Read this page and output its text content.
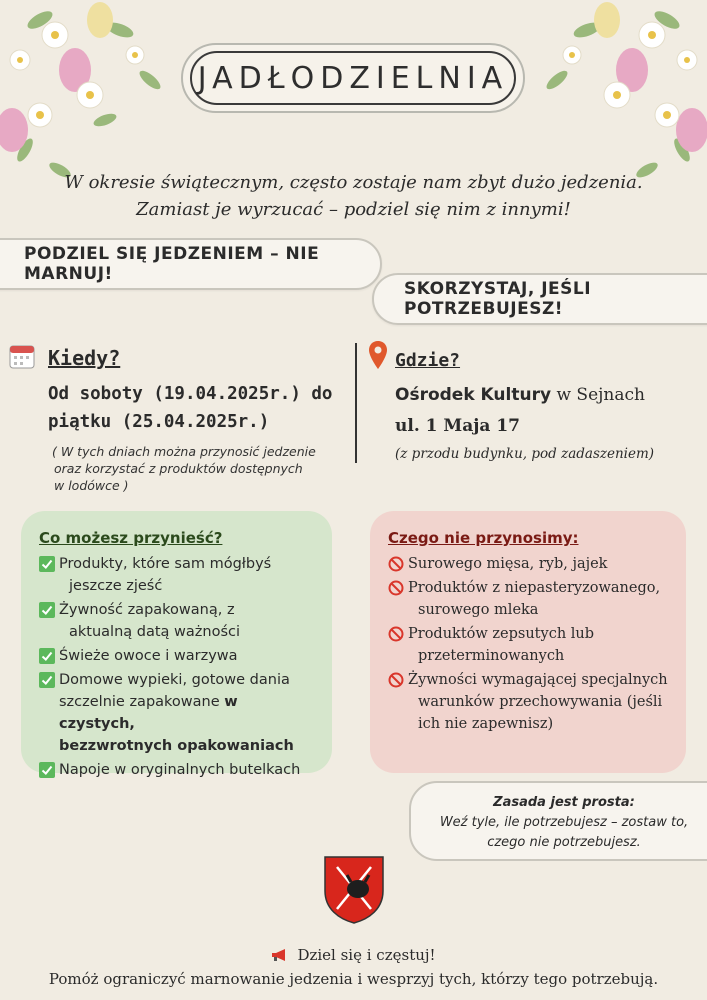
JADŁODZIELNIA
W okresie świątecznym, często zostaje nam zbyt dużo jedzenia.
Zamiast je wyrzucać – podziel się nim z innymi!
PODZIEL SIĘ JEDZENIEM – NIE MARNUJ!
SKORZYSTAJ, JEŚLI POTRZEBUJESZ!
Kiedy?
Od soboty (19.04.2025r.) do
piątku (25.04.2025r.)
( W tych dniach można przynosić jedzenie
oraz korzystać z produktów dostępnych
w lodówce )
Gdzie?
Ośrodek Kultury w Sejnach
ul. 1 Maja 17
(z przodu budynku, pod zadaszeniem)
Co możesz przynieść?
Produkty, które sam mógłbyś
jeszcze zjeść
Żywność zapakowaną, z
aktualną datą ważności
Świeże owoce i warzywa
Domowe wypieki, gotowe dania
szczelnie zapakowane w czystych,
bezzwrotnych opakowaniach
Napoje w oryginalnych butelkach
Czego nie przynosimy:
Surowego mięsa, ryb, jajek
Produktów z niepasteryzowanego,
surowego mleka
Produktów zepsutych lub
przeterminowanych
Żywności wymagającej specjalnych
warunków przechowywania (jeśli
ich nie zapewnisz)
Zasada jest prosta:
Weź tyle, ile potrzebujesz – zostaw to,
czego nie potrzebujesz.
Dziel się i częstuj!
Pomóż ograniczyć marnowanie jedzenia i wesprzyj tych, którzy tego potrzebują.
